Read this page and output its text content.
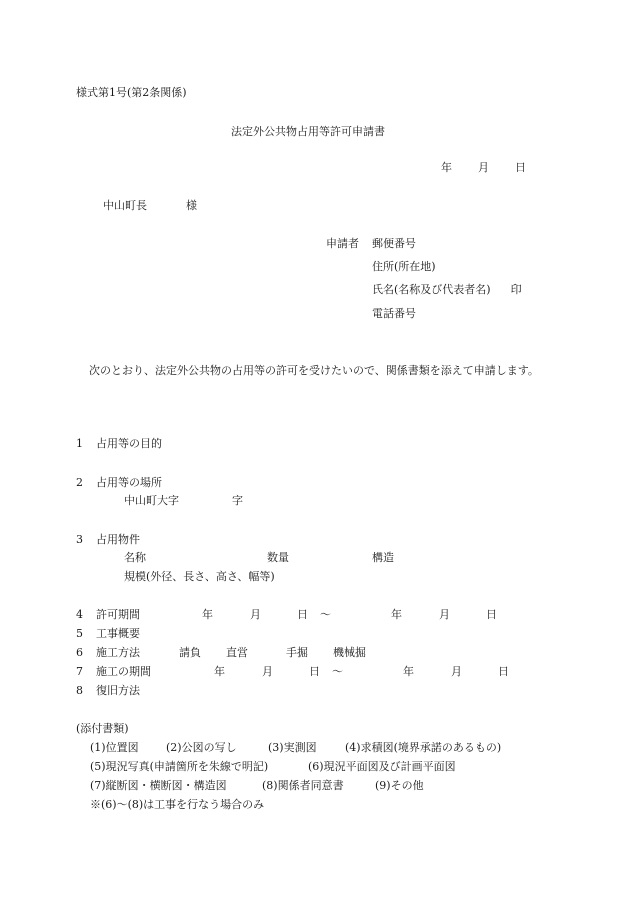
様式第1号(第2条関係)
法定外公共物占用等許可申請書
年 月 日
中山町長	様
申請者 郵便番号
住所(所在地)
氏名(名称及び代表者名) 印
電話番号
次のとおり、法定外公共物の占用等の許可を受けたいので、関係書類を添えて申請します。
1 占用等の目的
2 占用等の場所
中山町大字	字
3 占用物件
名称	数量	構造
規模(外径、長さ、高さ、幅等)
4 許可期間	年	月	日 〜	年	月	日
5 工事概要
6 施工方法	請負 直営	手掘 機械掘
7 施工の期間	年	月	日 〜	年	月	日
8 復旧方法
(添付書類)
(1)位置図 (2)公図の写し	(3)実測図	(4)求積図(境界承諾のあるもの)
(5)現況写真(申請箇所を朱線で明記)	(6)現況平面図及び計画平面図
(7)縦断図・横断図・構造図	(8)関係者同意書	(9)その他
※(6)〜(8)は工事を行なう場合のみ
